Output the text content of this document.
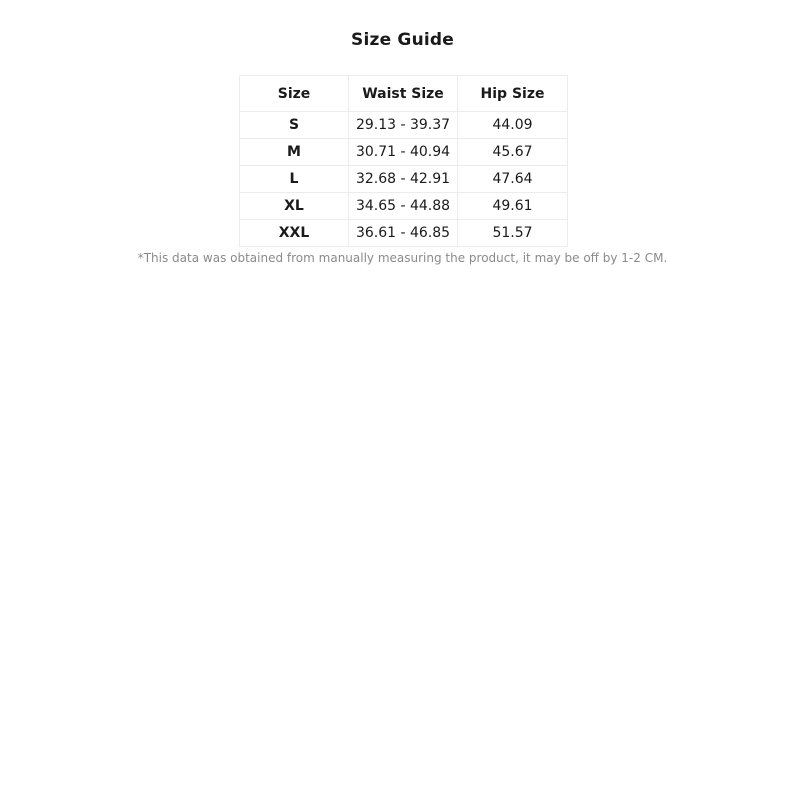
Size Guide
Size	Waist Size	Hip Size
S	29.13 - 39.37	44.09
M	30.71 - 40.94	45.67
L	32.68 - 42.91	47.64
XL	34.65 - 44.88	49.61
XXL	36.61 - 46.85	51.57
*This data was obtained from manually measuring the product, it may be off by 1-2 CM.
